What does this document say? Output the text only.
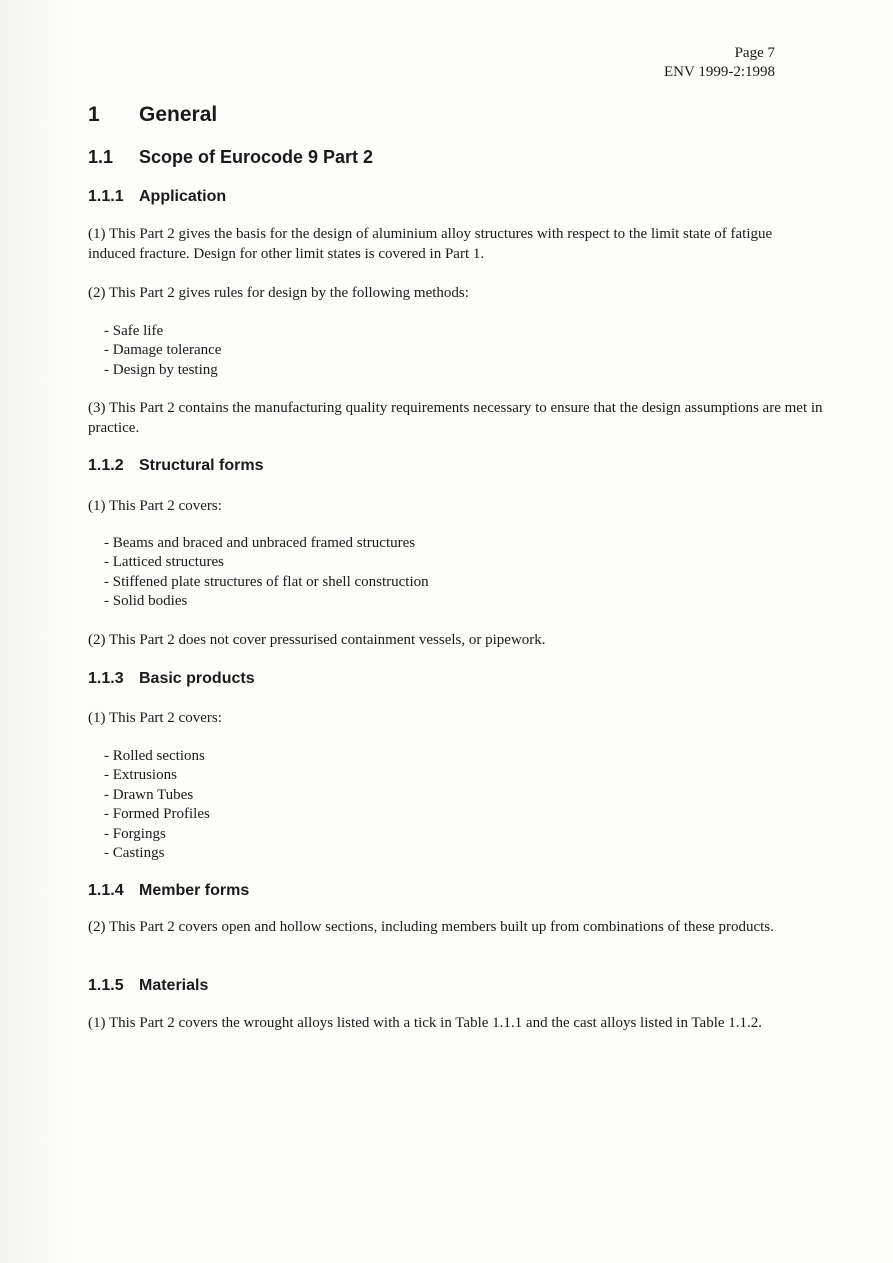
Page 7
ENV 1999-2:1998
1 General
1.1 Scope of Eurocode 9 Part 2
1.1.1 Application
(1) This Part 2 gives the basis for the design of aluminium alloy structures with respect to the limit state of fatigue induced fracture. Design for other limit states is covered in Part 1.
(2) This Part 2 gives rules for design by the following methods:
- Safe life
- Damage tolerance
- Design by testing
(3) This Part 2 contains the manufacturing quality requirements necessary to ensure that the design assumptions are met in practice.
1.1.2 Structural forms
(1) This Part 2 covers:
- Beams and braced and unbraced framed structures
- Latticed structures
- Stiffened plate structures of flat or shell construction
- Solid bodies
(2) This Part 2 does not cover pressurised containment vessels, or pipework.
1.1.3 Basic products
(1) This Part 2 covers:
- Rolled sections
- Extrusions
- Drawn Tubes
- Formed Profiles
- Forgings
- Castings
1.1.4 Member forms
(2) This Part 2 covers open and hollow sections, including members built up from combinations of these products.
1.1.5 Materials
(1) This Part 2 covers the wrought alloys listed with a tick in Table 1.1.1 and the cast alloys listed in Table 1.1.2.
